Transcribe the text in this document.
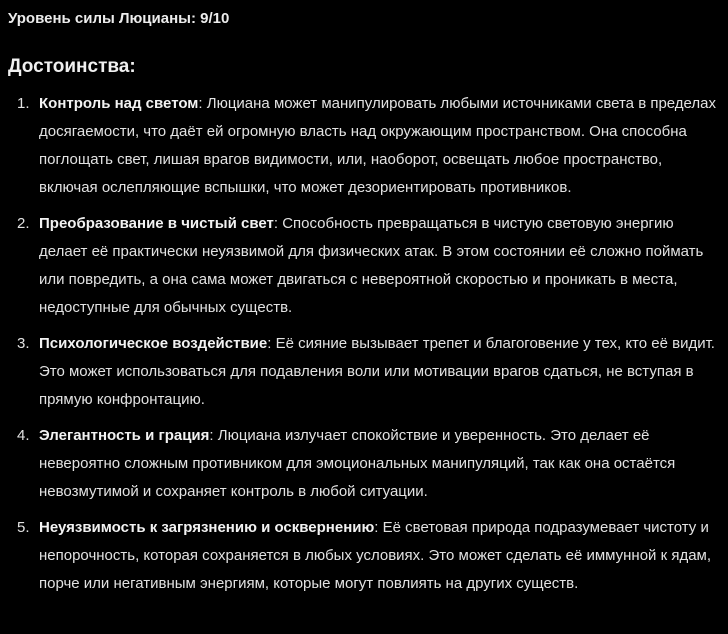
Уровень силы Люцианы: 9/10

Достоинства:
1. Контроль над светом: Люциана может манипулировать любыми источниками света в пределах досягаемости, что даёт ей огромную власть над окружающим пространством. Она способна поглощать свет, лишая врагов видимости, или, наоборот, освещать любое пространство, включая ослепляющие вспышки, что может дезориентировать противников.
2. Преобразование в чистый свет: Способность превращаться в чистую световую энергию делает её практически неуязвимой для физических атак. В этом состоянии её сложно поймать или повредить, а она сама может двигаться с невероятной скоростью и проникать в места, недоступные для обычных существ.
3. Психологическое воздействие: Её сияние вызывает трепет и благоговение у тех, кто её видит. Это может использоваться для подавления воли или мотивации врагов сдаться, не вступая в прямую конфронтацию.
4. Элегантность и грация: Люциана излучает спокойствие и уверенность. Это делает её невероятно сложным противником для эмоциональных манипуляций, так как она остаётся невозмутимой и сохраняет контроль в любой ситуации.
5. Неуязвимость к загрязнению и осквернению: Её световая природа подразумевает чистоту и непорочность, которая сохраняется в любых условиях. Это может сделать её иммунной к ядам, порче или негативным энергиям, которые могут повлиять на других существ.
